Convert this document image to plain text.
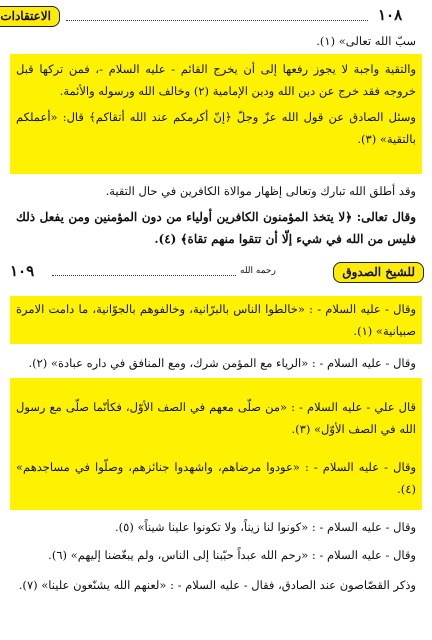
الاعتقادات	١٠٨
سبّ الله تعالى» (١).
والتقية واجبة لا يجوز رفعها إلى أن يخرج القائم - عليه السلام -، فمن تركها قبل خروجه فقد خرج عن دين الله ودين الإمامية (٢) وخالف الله ورسوله والأئمة.
وسئل الصادق عن قول الله عزّ وجلّ ﴿إنّ أكرمكم عند الله أتقاكم﴾ قال: «أعملكم بالتقية» (٣).
وقد أطلق الله تبارك وتعالى إظهار موالاة الكافرين في حال التقية.
وقال تعالى: ﴿لا يتخذ المؤمنون الكافرين أولياء من دون المؤمنين ومن يفعل ذلك فليس من الله في شيء إلّا أن تتقوا منهم تقاة﴾ (٤).
١٠٩	رحمه الله	للشيخ الصدوق
وقال - عليه السلام - : «خالطوا الناس بالبرّانية، وخالفوهم بالجوّانية، ما دامت الامرة صبيانية» (١).
وقال - عليه السلام - : «الرياء مع المؤمن شرك، ومع المنافق في داره عبادة» (٢).
قال علي - عليه السلام - : «من صلّى معهم في الصف الأوّل، فكأنّما صلّى مع رسول الله في الصف الأوّل» (٣).
وقال - عليه السلام - : «عودوا مرضاهم، واشهدوا جنائزهم، وصلّوا في مساجدهم» (٤).
وقال - عليه السلام - : «كونوا لنا زيناً، ولا تكونوا علينا شيناً» (٥).
وقال - عليه السلام - : «رحم الله عبداً حبّبنا إلى الناس، ولم يبغّضنا إليهم» (٦).
وذكر القصّاصون عند الصادق، فقال - عليه السلام - : «لعنهم الله يشنّعون علينا» (٧).
